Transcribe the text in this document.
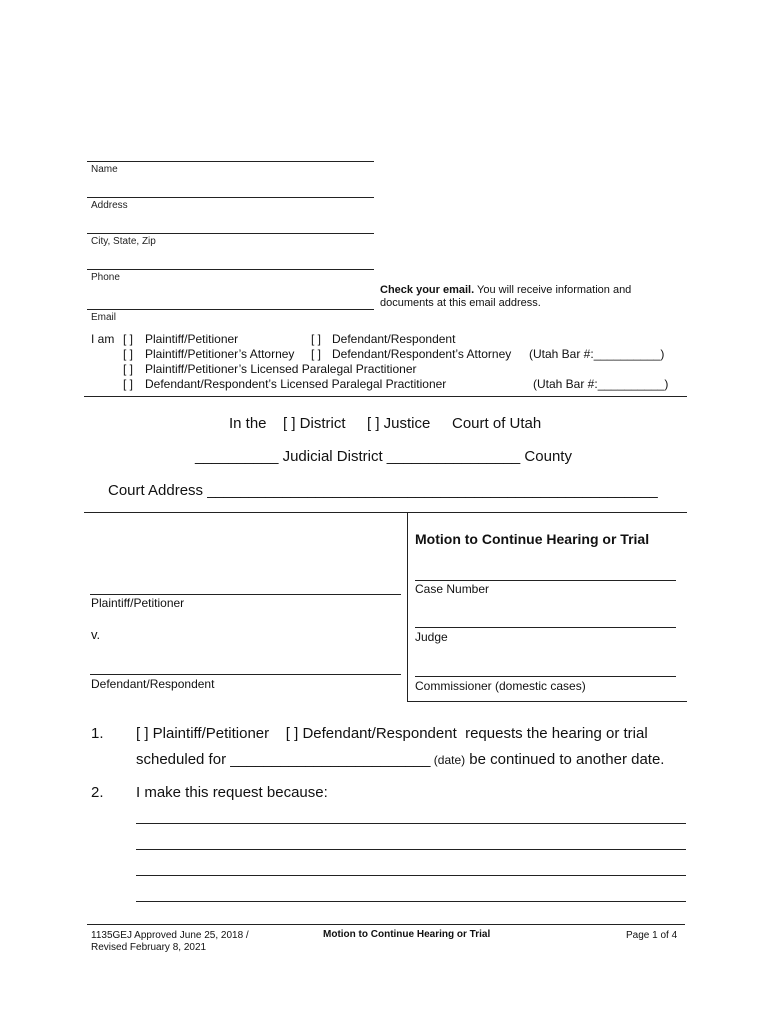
Name
Address
City, State, Zip
Phone
Check your email. You will receive information and
documents at this email address.
Email
I am [ ] Plaintiff/Petitioner	[ ] Defendant/Respondent
[ ] Plaintiff/Petitioner’s Attorney [ ] Defendant/Respondent’s Attorney (Utah Bar #:__________)
[ ] Plaintiff/Petitioner’s Licensed Paralegal Practitioner
[ ] Defendant/Respondent’s Licensed Paralegal Practitioner	(Utah Bar #:__________)
In the [ ] District [ ] Justice Court of Utah
__________ Judicial District ________________ County
Court Address ______________________________________________________
Motion to Continue Hearing or Trial
Plaintiff/Petitioner
v.
Defendant/Respondent
Case Number
Judge
Commissioner (domestic cases)
1. [ ] Plaintiff/Petitioner    [ ] Defendant/Respondent  requests the hearing or trial
scheduled for ________________________ (date) be continued to another date.
2. I make this request because:
1135GEJ Approved June 25, 2018 /
Revised February 8, 2021
Motion to Continue Hearing or Trial	Page 1 of 4
